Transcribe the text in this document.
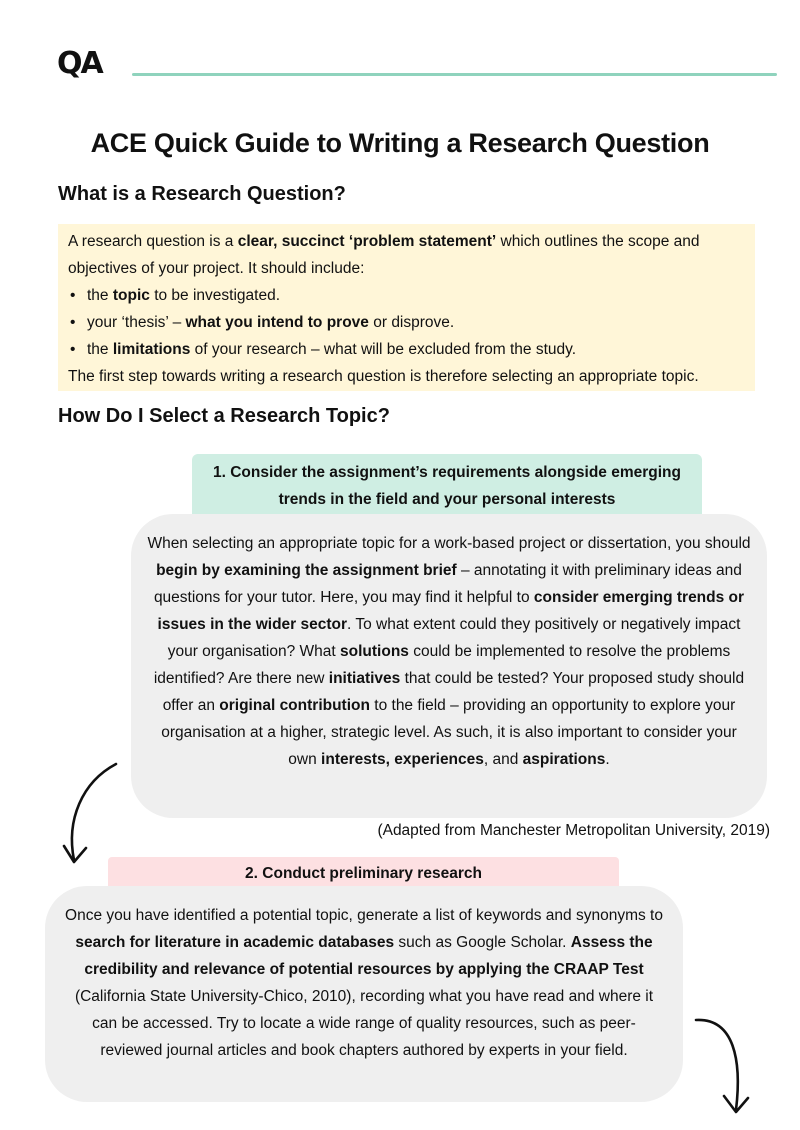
QA
ACE Quick Guide to Writing a Research Question
What is a Research Question?

A research question is a clear, succinct ‘problem statement’ which outlines the scope and objectives of your project. It should include:

• the topic to be investigated.
• your ‘thesis’ – what you intend to prove or disprove.
• the limitations of your research – what will be excluded from the study.

The first step towards writing a research question is therefore selecting an appropriate topic.

How Do I Select a Research Topic?
1. Consider the assignment’s requirements alongside emerging trends in the field and your personal interests

When selecting an appropriate topic for a work-based project or dissertation, you should begin by examining the assignment brief – annotating it with preliminary ideas and questions for your tutor. Here, you may find it helpful to consider emerging trends or issues in the wider sector. To what extent could they positively or negatively impact your organisation? What solutions could be implemented to resolve the problems identified? Are there new initiatives that could be tested? Your proposed study should offer an original contribution to the field – providing an opportunity to explore your organisation at a higher, strategic level. As such, it is also important to consider your own interests, experiences, and aspirations.

(Adapted from Manchester Metropolitan University, 2019)
2. Conduct preliminary research

Once you have identified a potential topic, generate a list of keywords and synonyms to search for literature in academic databases such as Google Scholar. Assess the credibility and relevance of potential resources by applying the CRAAP Test (California State University-Chico, 2010), recording what you have read and where it can be accessed. Try to locate a wide range of quality resources, such as peer-reviewed journal articles and book chapters authored by experts in your field.
